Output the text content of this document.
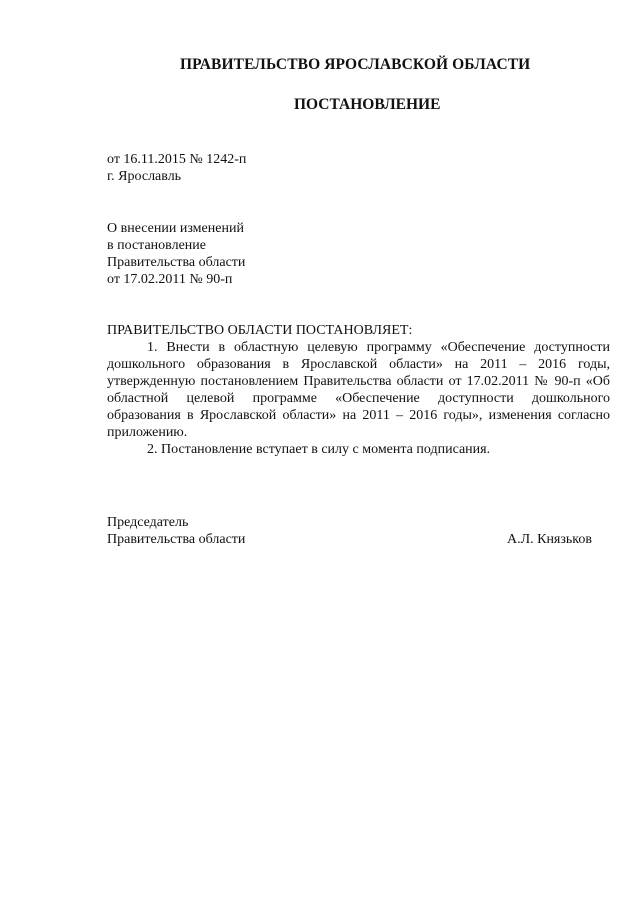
ПРАВИТЕЛЬСТВО ЯРОСЛАВСКОЙ ОБЛАСТИ
ПОСТАНОВЛЕНИЕ
от 16.11.2015 № 1242-п
г. Ярославль
О внесении изменений
в постановление
Правительства области
от 17.02.2011 № 90-п
ПРАВИТЕЛЬСТВО ОБЛАСТИ ПОСТАНОВЛЯЕТ:

1. Внести в областную целевую программу «Обеспечение доступности дошкольного образования в Ярославской области» на 2011 – 2016 годы, утвержденную постановлением Правительства области от 17.02.2011 № 90-п «Об областной целевой программе «Обеспечение доступности дошкольного образования в Ярославской области» на 2011 – 2016 годы», изменения согласно приложению.

2. Постановление вступает в силу с момента подписания.

Председатель
Правительства области	А.Л. Князьков
